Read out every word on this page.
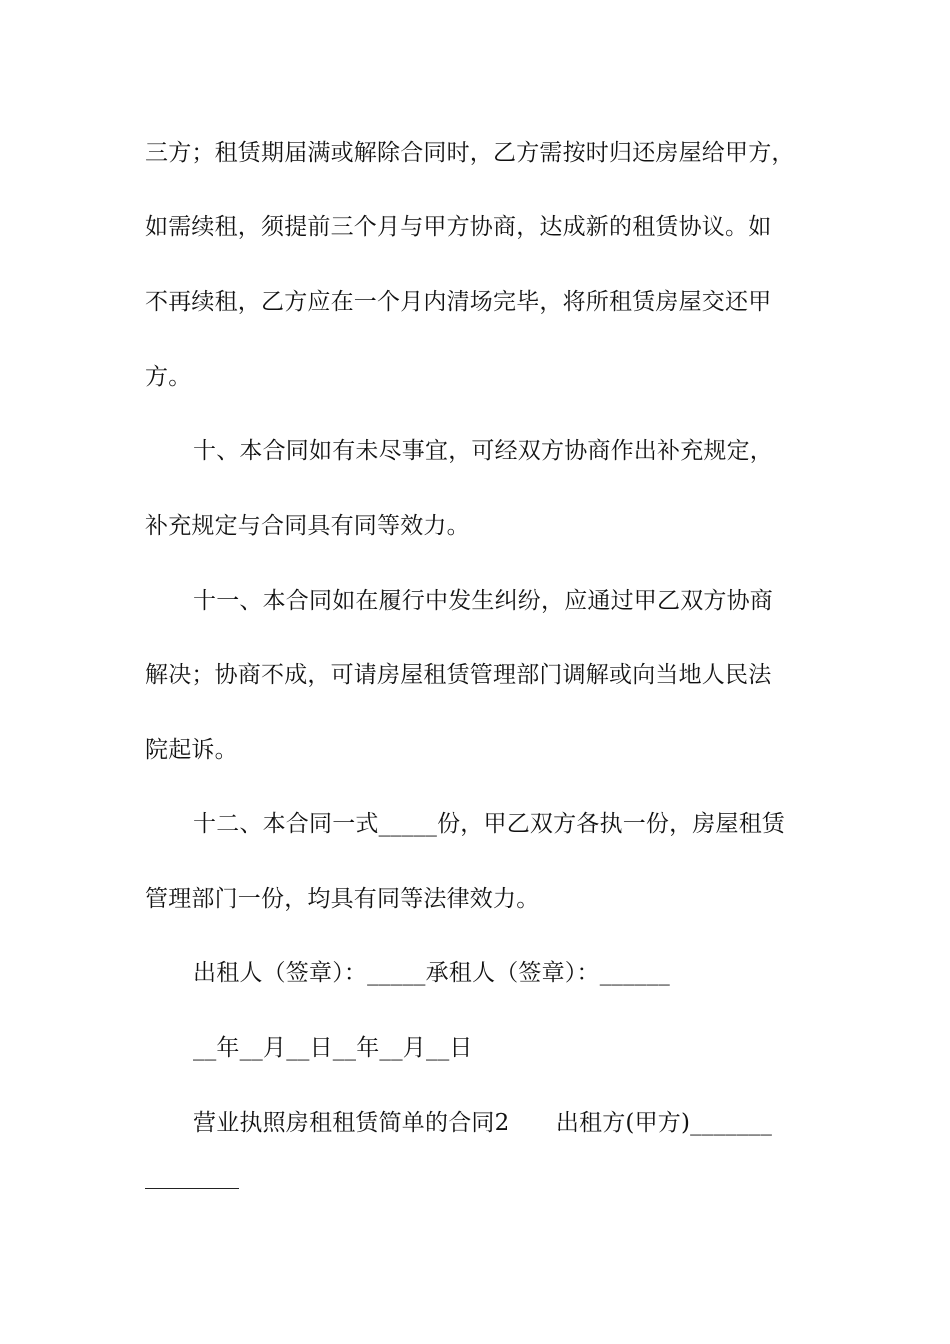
三方；租赁期届满或解除合同时，乙方需按时归还房屋给甲方，

如需续租，须提前三个月与甲方协商，达成新的租赁协议。如

不再续租，乙方应在一个月内清场完毕，将所租赁房屋交还甲

方。

十、本合同如有未尽事宜，可经双方协商作出补充规定，

补充规定与合同具有同等效力。

十一、本合同如在履行中发生纠纷，应通过甲乙双方协商

解决；协商不成，可请房屋租赁管理部门调解或向当地人民法

院起诉。

十二、本合同一式_____份，甲乙双方各执一份，房屋租赁

管理部门一份，均具有同等法律效力。

出租人（签章）：_____承租人（签章）：______

__年__月__日__年__月__日

营业执照房租租赁简单的合同2　　出租方(甲方)_______
